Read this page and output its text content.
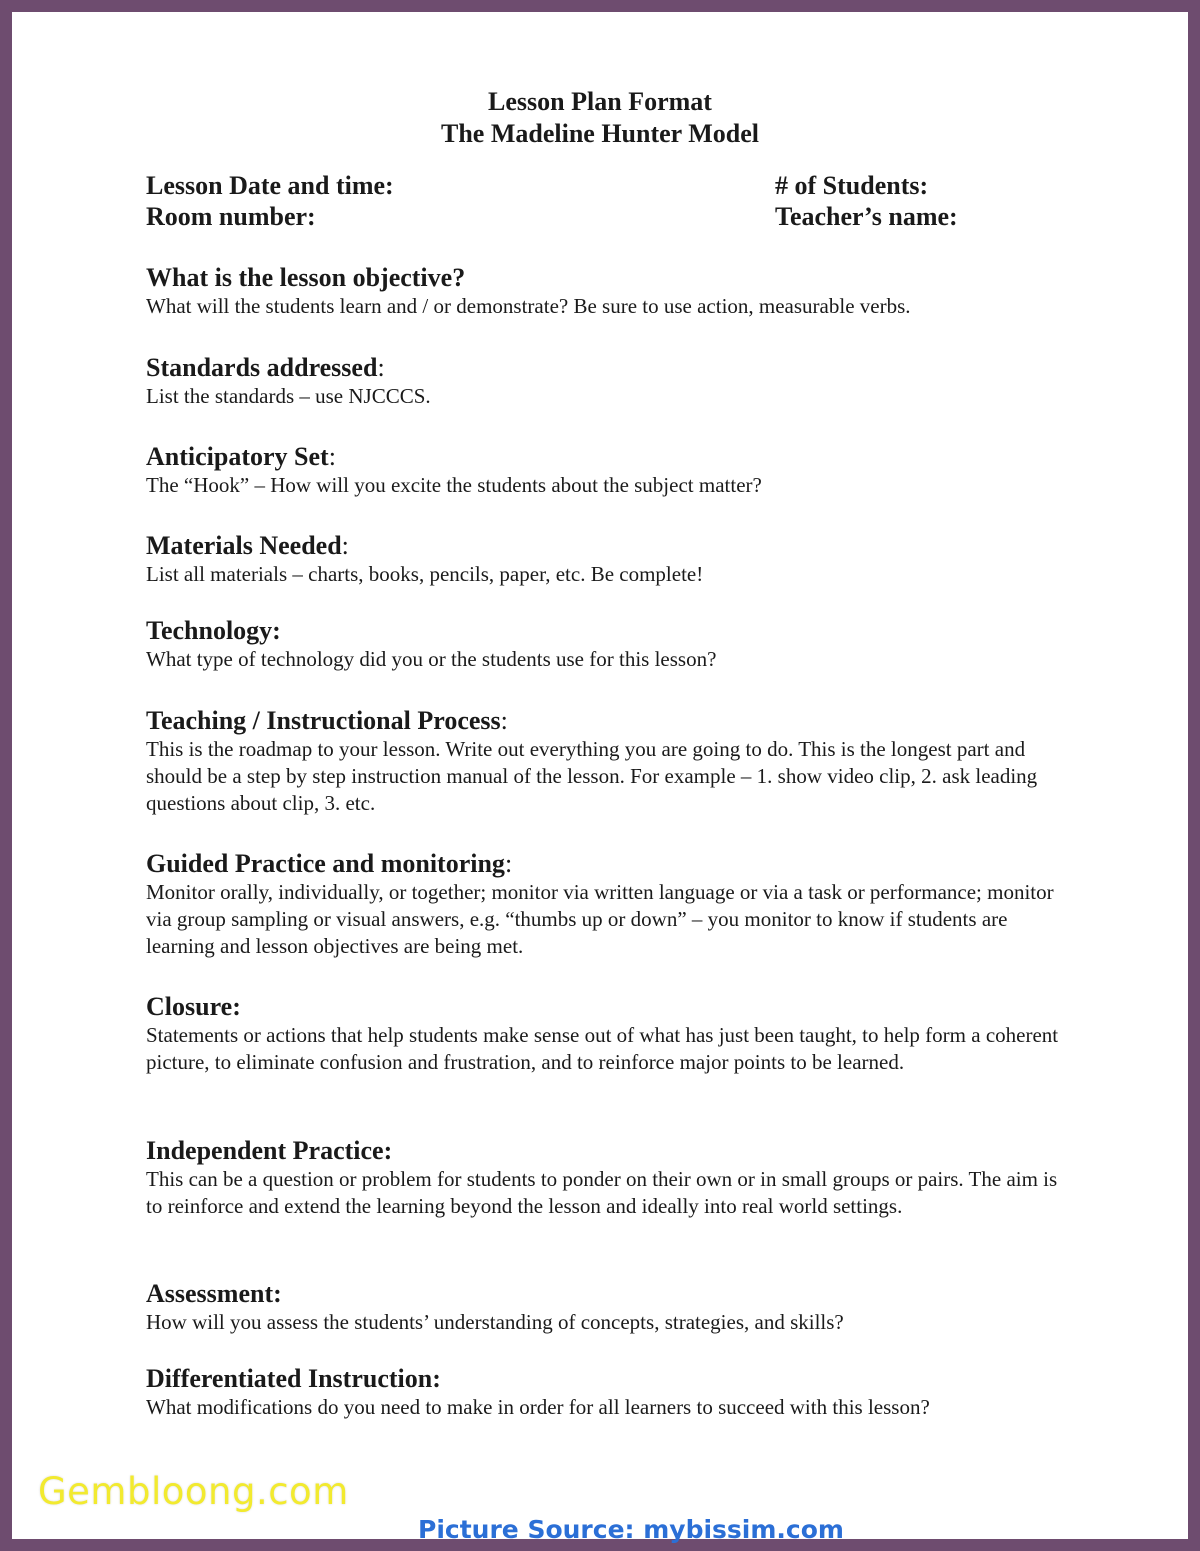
Lesson Plan Format
The Madeline Hunter Model
Lesson Date and time:
Room number:
# of Students:
Teacher’s name:
What is the lesson objective?
What will the students learn and / or demonstrate? Be sure to use action, measurable verbs.
Standards addressed:
List the standards – use NJCCCS.
Anticipatory Set:
The “Hook” – How will you excite the students about the subject matter?
Materials Needed:
List all materials – charts, books, pencils, paper, etc. Be complete!
Technology:
What type of technology did you or the students use for this lesson?
Teaching / Instructional Process:
This is the roadmap to your lesson. Write out everything you are going to do. This is the longest part and should be a step by step instruction manual of the lesson. For example – 1. show video clip, 2. ask leading questions about clip, 3. etc.
Guided Practice and monitoring:
Monitor orally, individually, or together; monitor via written language or via a task or performance; monitor via group sampling or visual answers, e.g. “thumbs up or down” – you monitor to know if students are learning and lesson objectives are being met.
Closure:
Statements or actions that help students make sense out of what has just been taught, to help form a coherent picture, to eliminate confusion and frustration, and to reinforce major points to be learned.
Independent Practice:
This can be a question or problem for students to ponder on their own or in small groups or pairs. The aim is to reinforce and extend the learning beyond the lesson and ideally into real world settings.
Assessment:
How will you assess the students’ understanding of concepts, strategies, and skills?
Differentiated Instruction:
What modifications do you need to make in order for all learners to succeed with this lesson?
Gembloong.com
Picture Source: mybissim.com
